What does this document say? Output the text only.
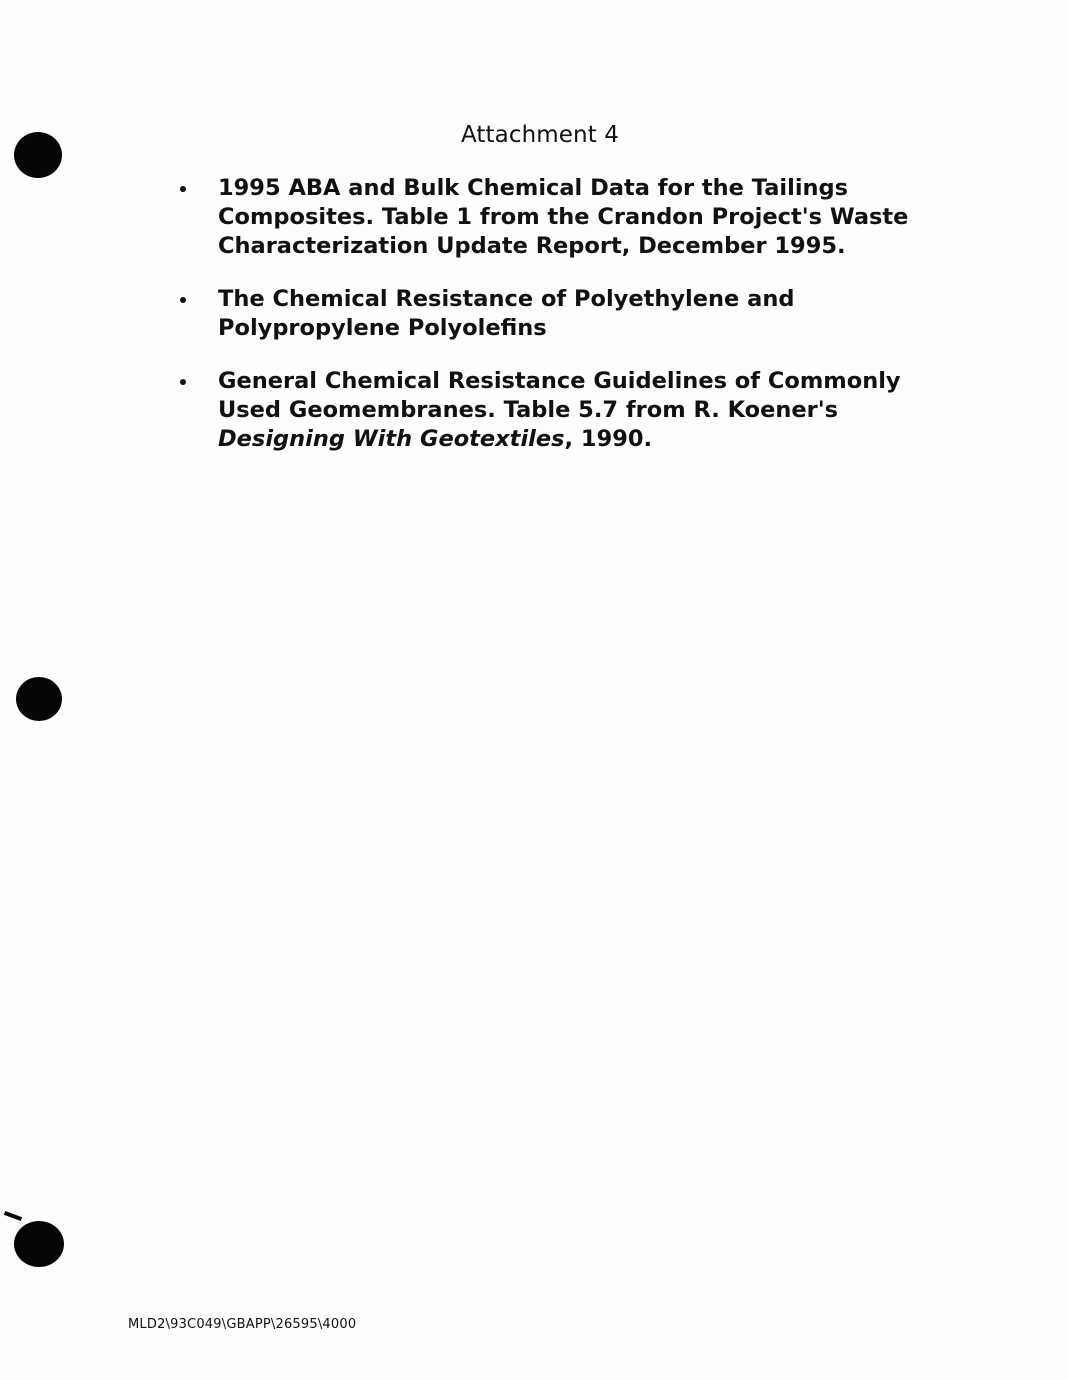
Attachment 4
1995 ABA and Bulk Chemical Data for the Tailings Composites. Table 1 from the Crandon Project's Waste Characterization Update Report, December 1995.
The Chemical Resistance of Polyethylene and Polypropylene Polyolefins
General Chemical Resistance Guidelines of Commonly Used Geomembranes. Table 5.7 from R. Koener's Designing With Geotextiles, 1990.
MLD2\93C049\GBAPP\26595\4000
